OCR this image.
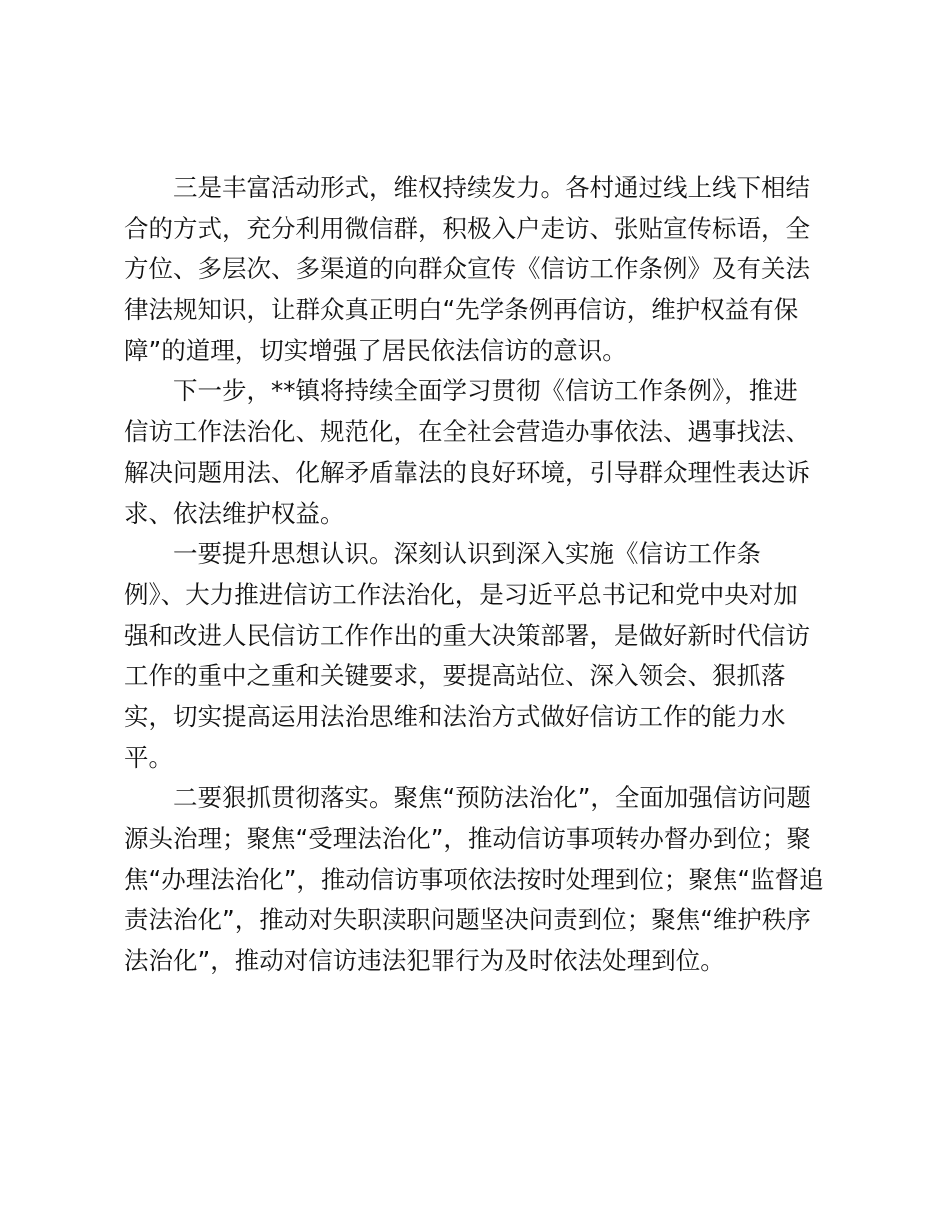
三是丰富活动形式，维权持续发力。各村通过线上线下相结
合的方式，充分利用微信群，积极入户走访、张贴宣传标语，全
方位、多层次、多渠道的向群众宣传《信访工作条例》及有关法
律法规知识，让群众真正明白“先学条例再信访，维护权益有保
障”的道理，切实增强了居民依法信访的意识。
下一步，**镇将持续全面学习贯彻《信访工作条例》，推进
信访工作法治化、规范化，在全社会营造办事依法、遇事找法、
解决问题用法、化解矛盾靠法的良好环境，引导群众理性表达诉
求、依法维护权益。
一要提升思想认识。深刻认识到深入实施《信访工作条
例》、大力推进信访工作法治化，是习近平总书记和党中央对加
强和改进人民信访工作作出的重大决策部署，是做好新时代信访
工作的重中之重和关键要求，要提高站位、深入领会、狠抓落
实，切实提高运用法治思维和法治方式做好信访工作的能力水
平。
二要狠抓贯彻落实。聚焦“预防法治化”，全面加强信访问题
源头治理；聚焦“受理法治化”，推动信访事项转办督办到位；聚
焦“办理法治化”，推动信访事项依法按时处理到位；聚焦“监督追
责法治化”，推动对失职渎职问题坚决问责到位；聚焦“维护秩序
法治化”，推动对信访违法犯罪行为及时依法处理到位。
